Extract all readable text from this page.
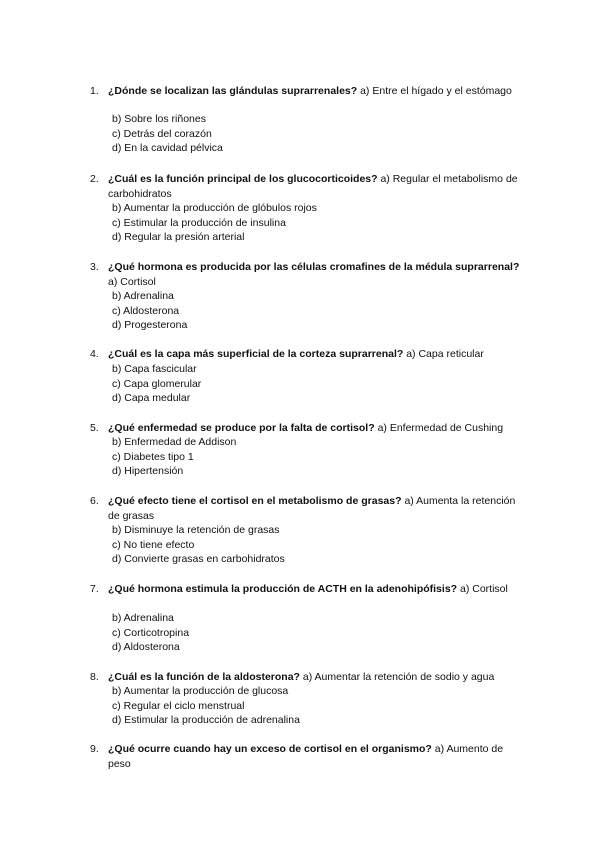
1. ¿Dónde se localizan las glándulas suprarrenales? a) Entre el hígado y el estómago
b) Sobre los riñones
c) Detrás del corazón
d) En la cavidad pélvica
2. ¿Cuál es la función principal de los glucocorticoides? a) Regular el metabolismo de carbohidratos
b) Aumentar la producción de glóbulos rojos
c) Estimular la producción de insulina
d) Regular la presión arterial
3. ¿Qué hormona es producida por las células cromafines de la médula suprarrenal? a) Cortisol
b) Adrenalina
c) Aldosterona
d) Progesterona
4. ¿Cuál es la capa más superficial de la corteza suprarrenal? a) Capa reticular
b) Capa fascicular
c) Capa glomerular
d) Capa medular
5. ¿Qué enfermedad se produce por la falta de cortisol? a) Enfermedad de Cushing
b) Enfermedad de Addison
c) Diabetes tipo 1
d) Hipertensión
6. ¿Qué efecto tiene el cortisol en el metabolismo de grasas? a) Aumenta la retención de grasas
b) Disminuye la retención de grasas
c) No tiene efecto
d) Convierte grasas en carbohidratos
7. ¿Qué hormona estimula la producción de ACTH en la adenohipófisis? a) Cortisol
b) Adrenalina
c) Corticotropina
d) Aldosterona
8. ¿Cuál es la función de la aldosterona? a) Aumentar la retención de sodio y agua
b) Aumentar la producción de glucosa
c) Regular el ciclo menstrual
d) Estimular la producción de adrenalina
9. ¿Qué ocurre cuando hay un exceso de cortisol en el organismo? a) Aumento de peso
